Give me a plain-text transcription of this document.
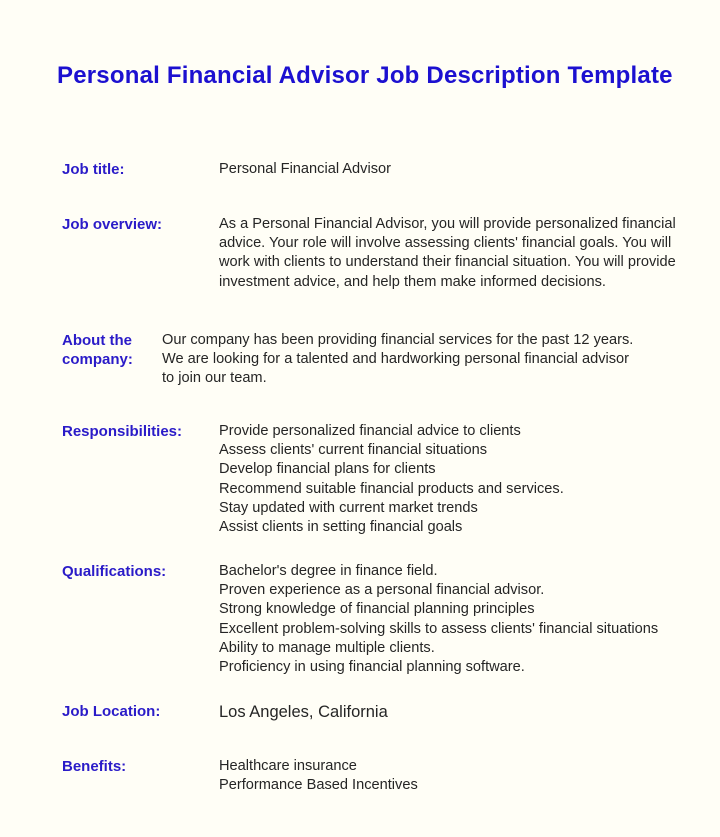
Personal Financial Advisor Job Description Template
Job title:	Personal Financial Advisor
Job overview:	As a Personal Financial Advisor, you will provide personalized financial
advice. Your role will involve assessing clients' financial goals. You will
work with clients to understand their financial situation. You will provide
investment advice, and help them make informed decisions.
About the company:
Our company has been providing financial services for the past 12 years.
We are looking for a talented and hardworking personal financial advisor
to join our team.
Responsibilities:	Provide personalized financial advice to clients
Assess clients' current financial situations
Develop financial plans for clients
Recommend suitable financial products and services.
Stay updated with current market trends
Assist clients in setting financial goals
Qualifications:	Bachelor's degree in finance field.
Proven experience as a personal financial advisor.
Strong knowledge of financial planning principles
Excellent problem-solving skills to assess clients' financial situations
Ability to manage multiple clients.
Proficiency in using financial planning software.
Job Location:	Los Angeles, California
Benefits:	Healthcare insurance
Performance Based Incentives
